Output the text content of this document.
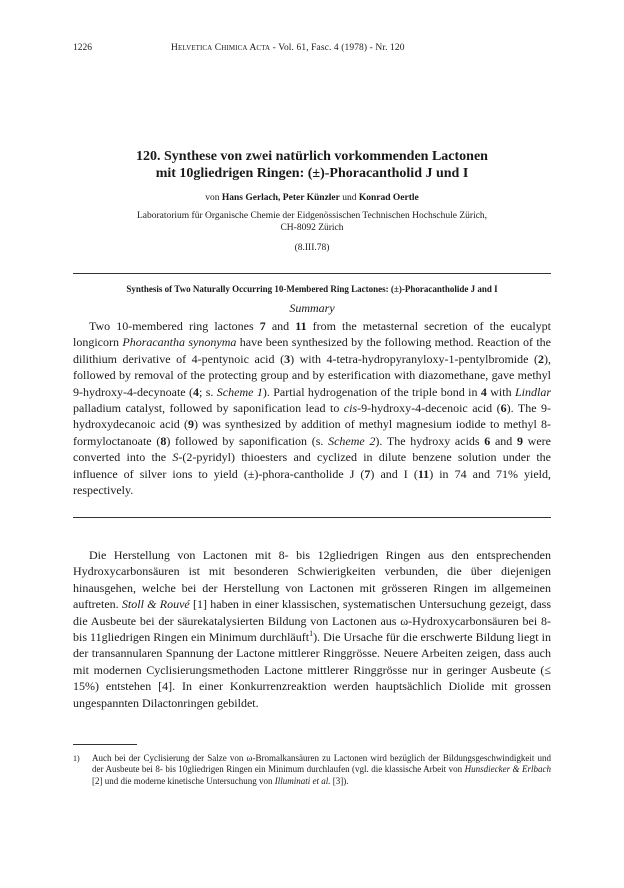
1226	Helvetica Chimica Acta - Vol. 61, Fasc. 4 (1978) - Nr. 120
120. Synthese von zwei natürlich vorkommenden Lactonen
mit 10gliedrigen Ringen: (±)-Phoracantholid J und I
von Hans Gerlach, Peter Künzler und Konrad Oertle
Laboratorium für Organische Chemie der Eidgenössischen Technischen Hochschule Zürich,
CH-8092 Zürich
(8.III.78)
Synthesis of Two Naturally Occurring 10-Membered Ring Lactones: (±)-Phoracantholide J and I
Summary

Two 10-membered ring lactones 7 and 11 from the metasternal secretion of the eucalypt longicorn Phoracantha synonyma have been synthesized by the following method. Reaction of the dilithium derivative of 4-pentynoic acid (3) with 4-tetra-hydropyranyloxy-1-pentylbromide (2), followed by removal of the protecting group and by esterification with diazomethane, gave methyl 9-hydroxy-4-decynoate (4; s. Scheme 1). Partial hydrogenation of the triple bond in 4 with Lindlar palladium catalyst, followed by saponification lead to cis-9-hydroxy-4-decenoic acid (6). The 9-hydroxydecanoic acid (9) was synthesized by addition of methyl magnesium iodide to methyl 8-formyloctanoate (8) followed by saponification (s. Scheme 2). The hydroxy acids 6 and 9 were converted into the S-(2-pyridyl) thioesters and cyclized in dilute benzene solution under the influence of silver ions to yield (±)-phora-cantholide J (7) and I (11) in 74 and 71% yield, respectively.

Die Herstellung von Lactonen mit 8- bis 12gliedrigen Ringen aus den entsprechenden Hydroxycarbonsäuren ist mit besonderen Schwierigkeiten verbunden, die über diejenigen hinausgehen, welche bei der Herstellung von Lactonen mit grösseren Ringen im allgemeinen auftreten. Stoll & Rouvé [1] haben in einer klassischen, systematischen Untersuchung gezeigt, dass die Ausbeute bei der säurekatalysierten Bildung von Lactonen aus ω-Hydroxycarbonsäuren bei 8- bis 11gliedrigen Ringen ein Minimum durchläuft$^1$). Die Ursache für die erschwerte Bildung liegt in der transannularen Spannung der Lactone mittlerer Ringgrösse. Neuere Arbeiten zeigen, dass auch mit modernen Cyclisierungsmethoden Lactone mittlerer Ringgrösse nur in geringer Ausbeute (≤ 15%) entstehen [4]. In einer Konkurrenzreaktion werden hauptsächlich Diolide mit grossen ungespannten Dilactonringen gebildet.

1) Auch bei der Cyclisierung der Salze von ω-Bromalkansäuren zu Lactonen wird bezüglich der Bildungsgeschwindigkeit und der Ausbeute bei 8- bis 10gliedrigen Ringen ein Minimum durchlaufen (vgl. die klassische Arbeit von Hunsdiecker & Erlbach [2] und die moderne kinetische Untersuchung von Illuminati et al. [3]).
